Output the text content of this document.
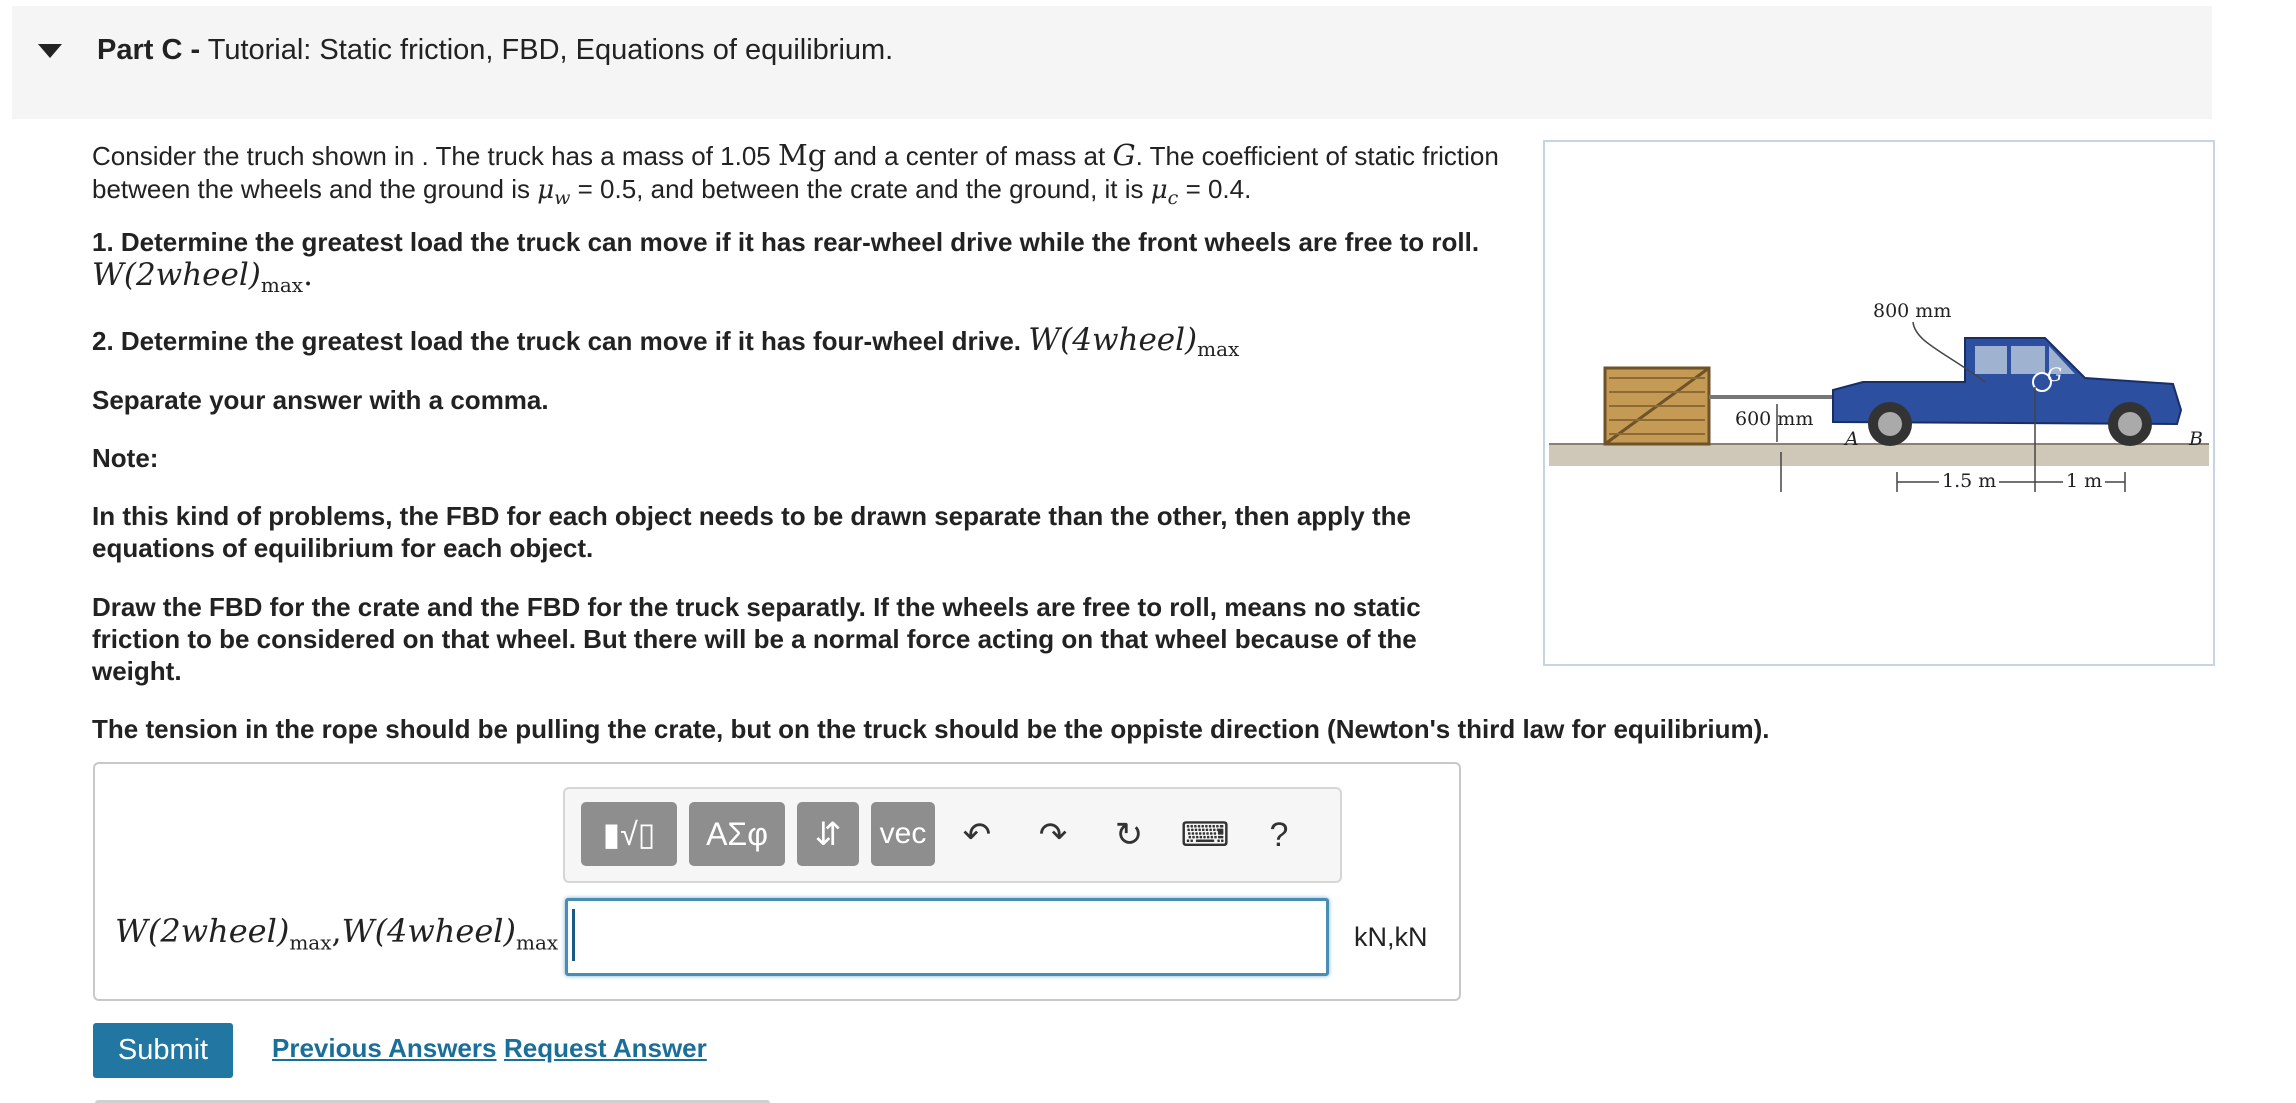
Part C - Tutorial: Static friction, FBD, Equations of equilibrium.
Consider the truch shown in . The truck has a mass of 1.05 Mg and a center of mass at G. The coefficient of static friction
between the wheels and the ground is $\mu_w = 0.5$, and between the crate and the ground, it is $\mu_c = 0.4$.
1. Determine the greatest load the truck can move if it has rear-wheel drive while the front wheels are free to roll.
$W(2wheel)_{max}$.
2. Determine the greatest load the truck can move if it has four-wheel drive. $W(4wheel)_{max}$
Separate your answer with a comma.
Note:
In this kind of problems, the FBD for each object needs to be drawn separate than the other, then apply the
equations of equilibrium for each object.
Draw the FBD for the crate and the FBD for the truck separatly. If the wheels are free to roll, means no static
friction to be considered on that wheel. But there will be a normal force acting on that wheel because of the
weight.
The tension in the rope should be pulling the crate, but on the truck should be the oppiste direction (Newton's third law for equilibrium).
800 mm
600 mm
A	B
G
1.5 m	1 m
▮√▯	ΑΣφ	⇵	vec	↶	↷	↻	⌨	?
$W(2wheel)_{max},W(4wheel)_{max}$	kN,kN
Submit	Previous Answers Request Answer
